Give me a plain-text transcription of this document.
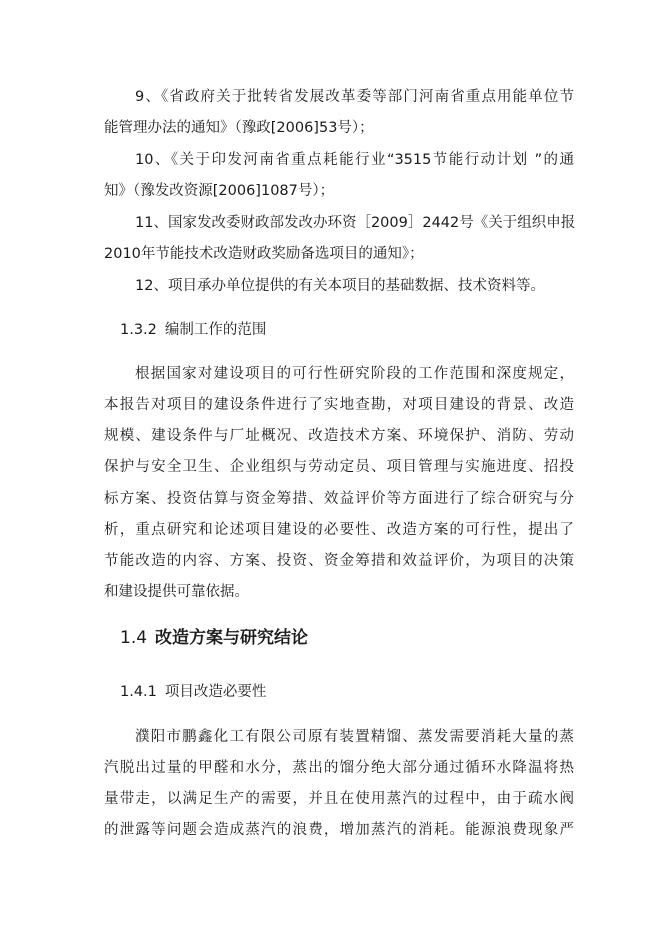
9、《省政府关于批转省发展改革委等部门河南省重点用能单位节
能管理办法的通知》（豫政[2006]53号）；
10、《关于印发河南省重点耗能行业“3515节能行动计划 ”的通
知》（豫发改资源[2006]1087号）；
11、国家发改委财政部发改办环资［2009］2442号《关于组织申报
2010年节能技术改造财政奖励备选项目的通知》；
12、项目承办单位提供的有关本项目的基础数据、技术资料等。
1.3.2 编制工作的范围
根据国家对建设项目的可行性研究阶段的工作范围和深度规定，
本报告对项目的建设条件进行了实地查勘，对项目建设的背景、改造
规模、建设条件与厂址概况、改造技术方案、环境保护、消防、劳动
保护与安全卫生、企业组织与劳动定员、项目管理与实施进度、招投
标方案、投资估算与资金筹措、效益评价等方面进行了综合研究与分
析，重点研究和论述项目建设的必要性、改造方案的可行性，提出了
节能改造的内容、方案、投资、资金筹措和效益评价，为项目的决策
和建设提供可靠依据。
1.4 改造方案与研究结论
1.4.1 项目改造必要性
濮阳市鹏鑫化工有限公司原有装置精馏、蒸发需要消耗大量的蒸
汽脱出过量的甲醛和水分，蒸出的馏分绝大部分通过循环水降温将热
量带走，以满足生产的需要，并且在使用蒸汽的过程中，由于疏水阀
的泄露等问题会造成蒸汽的浪费，增加蒸汽的消耗。能源浪费现象严
